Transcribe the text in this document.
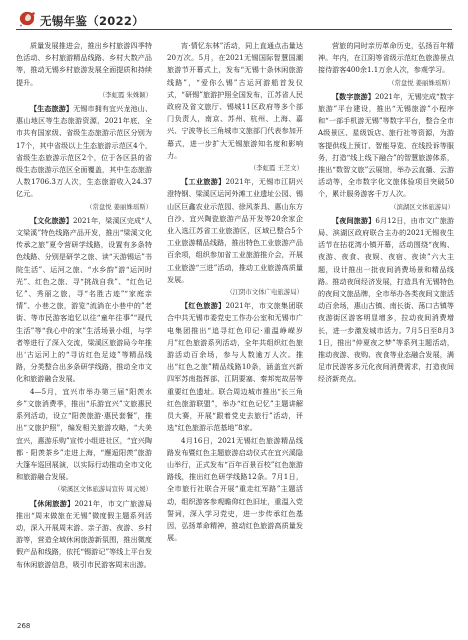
无锡年鉴（2022）

质量发展推进会，推出乡村旅游四季特色活动、乡村旅游精品线路、乡村大数产品等，推动无锡乡村旅游发展全面提质和持续提升。

（李虹霞 朱姝颖）

【生态旅游】无锡市拥有宜兴龙池山、惠山地区等生态旅游资源，2021年底，全市共有国家级、省级生态旅游示范区分别为17个，其中省级以上生态旅游示范区4个，省级生态旅游示范区2个，位于各区县的省级生态旅游示范区全面覆盖，其中生态旅游人数1706.3万人次，生态旅游收入24.37亿元。

（常盘悦 姜丽姝瑶斯）

【文化旅游】2021年，梁溪区完成“人文梁溪”特色线路产品开发，推出“梁溪文化传承之旅”夏令营研学线路，设置有多条特色线路、分别是研学之旅、读“天游锡运”书院生活”、运河之旅、“水乡韵”游“运河时光”、红色之旅、寻“挑战自我”、“红色记忆”、秀丽之旅，寻“名胜古迹”“家庭亲情”、小巷之旅，游览“流淌在小巷中的”老街、等市民游客追忆以往“童年往事”“现代生活”等“我心中的家”生活场景小组，与学者等进行了深入交流，梁溪区旅游局今年推出‘古运河上的“寻访红色足迹”等精品线路，分类整合出多条研学线路，推动全市文化和旅游融合发展。

4—5月，宜兴市举办第三届“阳羡水乡”文旅消费季，推出“乐游宜兴”文旅惠民系列活动，设立“阳羡旅游·惠民套餐”，推出“文旅护照”，编发相关旅游攻略，“大美宜兴，惠游乐购”宣传小组进社区，“宜兴陶都 · 阳羡茶乡”走进上海，“邂逅阳羡”旅游大篷车巡回展演，以实际行动推动全市文化和旅游融合发展。

（梁溪区文体旅游局宣传 周元媛）

【休闲旅游】2021年，市文广旅游局推出“周末做旅在无锡”微度假主题系列活动，深入开展周末游、亲子游、夜游、乡村游等，营造全域休闲旅游新氛围，推出微度假产品和线路，依托“锡游记”等线上平台发布休闲旅游信息，吸引市民游客周末出游。

宵·情忆东林”活动，同上直通点击量达20万次。5月，在2021无锡国际智慧国潮旅游节开幕式上，发布“无锡十条休闲旅游线路”，“爱你么锡”古运河游船首发仪式，“研锡”旅游护照全国发布，江苏省人民政府及省文旅厅、锡城11区政府等多个部门负责人，南京、苏州、杭州、上海、嘉兴、宁波等长三角城市文旅部门代表参加开幕式，进一步扩大无锡旅游知名度和影响力。

（李虹霞 王芝文）

【工业旅游】2021年，无锡市江阴兴澄特钢、梁溪区运河外滩工业遗址公园、锡山区巨鑫农业示范园、徐风茶具、惠山东方白沙、宜兴陶瓷旅游产品开发等20余家企业入选江苏省工业旅游区，区域已整合5个工业旅游精品线路，推出特色工业旅游产品百余项，组织参加省工业旅游推介会，开展工业旅游“三进”活动，推动工业旅游高质量发展。

（江阴市文体广电旅游局）

【红色旅游】2021年，市文旅集团联合中共无锡市委党史工作办公室和无锡市广电集团推出“追寻红色印记·重温峥嵘岁月”红色旅游系列活动，全年共组织红色旅游活动百余场，参与人数逾万人次。推出“红色之旅”精品线路10条，涵盖宜兴新四军苏南指挥部、江阴要塞、秦邦宪故居等重要红色遗址。联合周边城市推出“长三角红色旅游联盟”，举办“红色记忆”主题讲解员大赛，开展“跟着党史去旅行”活动，评选“红色旅游示范基地”8家。

4月16日，2021无锡红色旅游精品线路发布暨红色主题旅游启动仪式在宜兴溪隐山举行，正式发布“百年百景百校”红色旅游路线，推出红色研学线路12条。7月1日，全市旅行社联合开展“重走红军路”主题活动，组织游客参观瞻仰红色旧址，重温入党誓词，深入学习党史，进一步传承红色基因，弘扬革命精神，推动红色旅游高质量发展。

营旅的同时亲历革命历史，弘扬百年精神。年内，在江阴等省级示范红色旅游景点接待游客400余1.1万余人次，参观学习。

（常盘悦 姜丽姝瑶斯）

【数字旅游】2021年，无锡完成“数字旅游”平台建设，推出“无锡旅游”小程序和“一部手机游无锡”等数字平台，整合全市A级景区、星级饭店、旅行社等资源，为游客提供线上预订、智能导览、在线投诉等服务，打造“线上线下融合”的智慧旅游体系，推出“数智文旅”云展馆，举办云直播、云游活动等，全市数字化文旅体验项目突破50个，累计服务游客千万人次。

（滨湖区文体旅游局）

【夜间旅游】6月12日，由市文广旅游局、滨湖区政府联合主办的2021无锡夜生活节在拈花湾小镇开幕，活动围绕“夜购、夜游、夜食、夜娱、夜宿、夜读”六大主题，设计推出一批夜间消费场景和精品线路。推动夜间经济发展，打造具有无锡特色的夜间文旅品牌，全市举办各类夜间文旅活动百余场，惠山古镇、南长街、荡口古镇等夜游街区游客明显增多，拉动夜间消费增长，进一步激发城市活力。7月5日至8月31日，推出“仲夏夜之梦”等系列主题活动，推动夜游、夜购、夜食等业态融合发展，满足市民游客多元化夜间消费需求，打造夜间经济新亮点。

268
